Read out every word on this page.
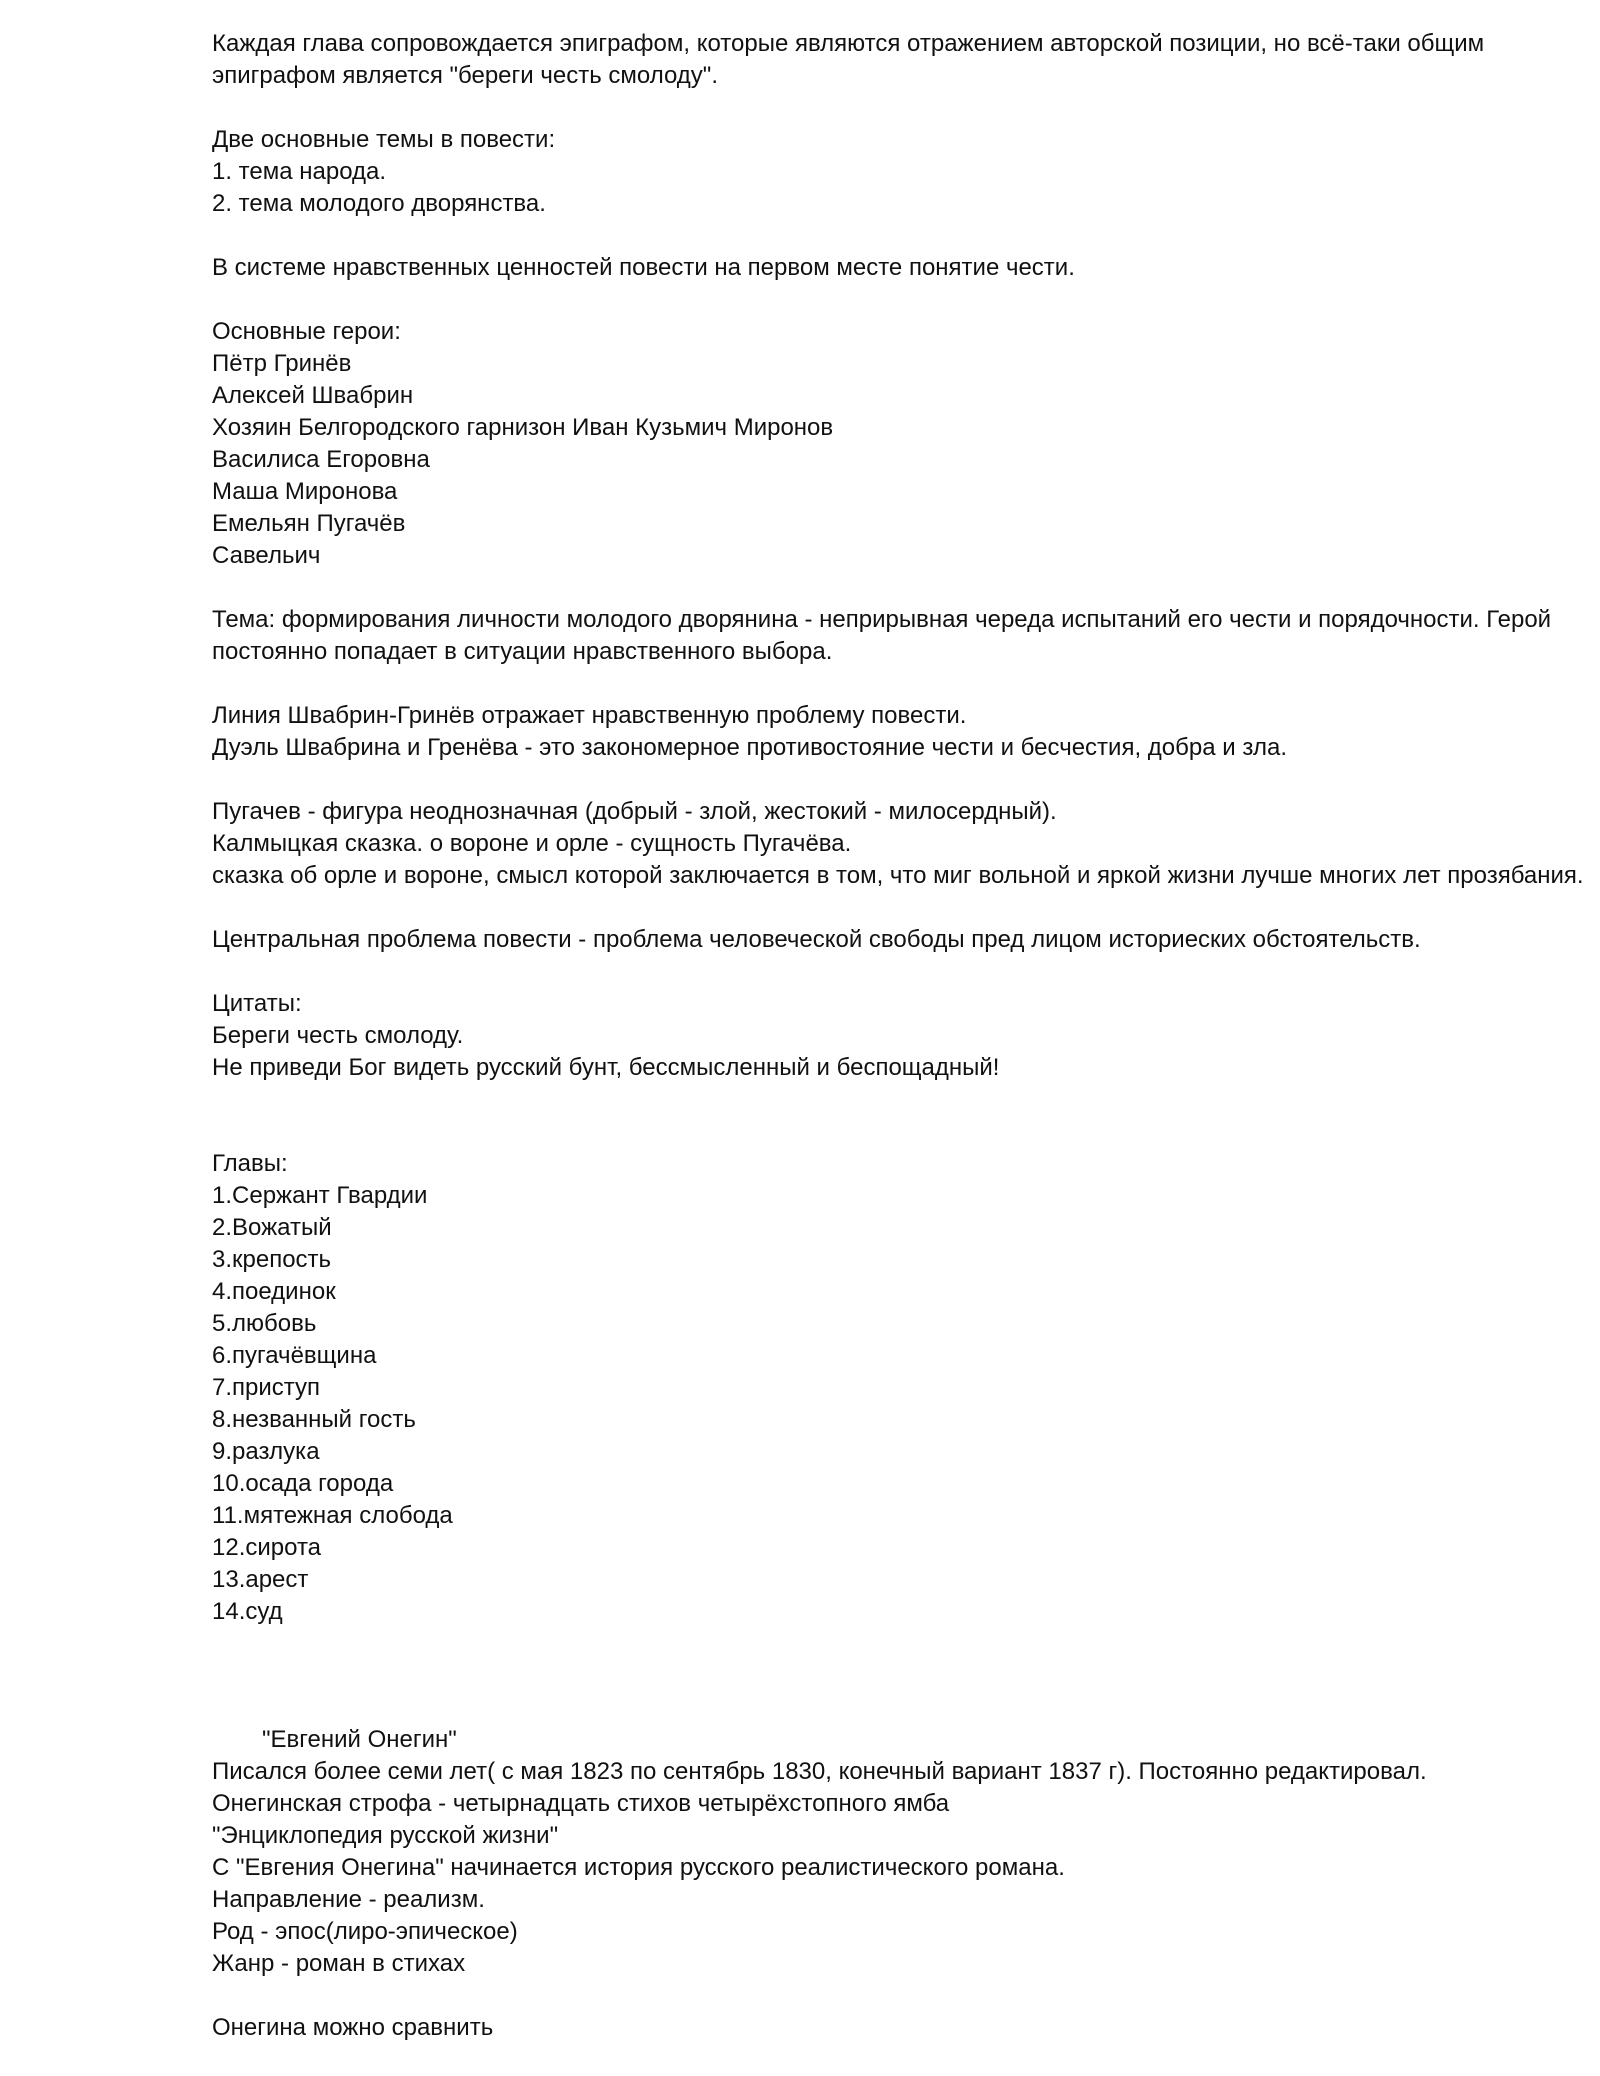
Каждая глава сопровождается эпиграфом, которые являются отражением авторской позиции, но всё-таки общим эпиграфом является "береги честь смолоду".
Две основные темы в повести:
1. тема народа.
2. тема молодого дворянства.
В системе нравственных ценностей повести на первом месте понятие чести.
Основные герои:
Пётр Гринёв
Алексей Швабрин
Хозяин Белгородского гарнизон Иван Кузьмич Миронов
Василиса Егоровна
Маша Миронова
Емельян Пугачёв
Савельич
Тема: формирования личности молодого дворянина - неприрывная череда испытаний его чести и порядочности. Герой постоянно попадает в ситуации нравственного выбора.
Линия Швабрин-Гринёв отражает нравственную проблему повести.
Дуэль Швабрина и Гренёва - это закономерное противостояние чести и бесчестия, добра и зла.
Пугачев - фигура неоднозначная (добрый - злой, жестокий - милосердный).
Калмыцкая сказка. о вороне и орле - сущность Пугачёва.
сказка об орле и вороне, смысл которой заключается в том, что миг вольной и яркой жизни лучше многих лет прозябания.
Центральная проблема повести - проблема человеческой свободы пред лицом историеских обстоятельств.
Цитаты:
Береги честь смолоду.
Не приведи Бог видеть русский бунт, бессмысленный и беспощадный!
Главы:
1.Сержант Гвардии
2.Вожатый
3.крепость
4.поединок
5.любовь
6.пугачёвщина
7.приступ
8.незванный гость
9.разлука
10.осада города
11.мятежная слобода
12.сирота
13.арест
14.суд
"Евгений Онегин"
Писался более семи лет( с мая 1823 по сентябрь 1830, конечный вариант 1837 г). Постоянно редактировал.
Онегинская строфа - четырнадцать стихов четырёхстопного ямба
"Энциклопедия русской жизни"
С "Евгения Онегина" начинается история русского реалистического романа.
Направление - реализм.
Род - эпос(лиро-эпическое)
Жанр - роман в стихах
Онегина можно сравнить
